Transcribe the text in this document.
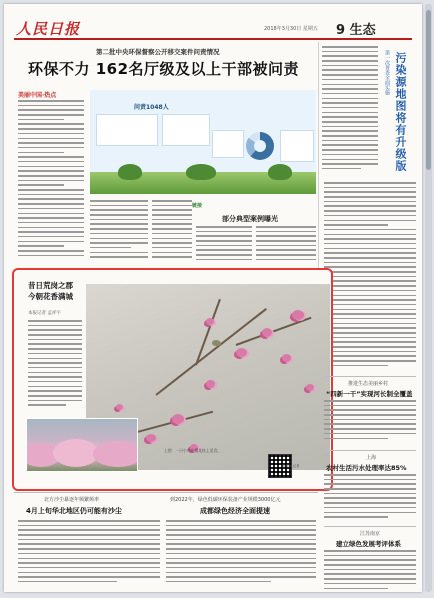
人民日报	2018年3月30日 星期五 9 生态
第二批中央环保督察公开移交案件问责情况
环保不力 162名厅级及以上干部被问责
美丽中国·热点
问责1048人
链接
部分典型案例曝光
第一次普查全面实施 污染源地图将有升级版
昔日荒岗之郡
今朝花香满城
本报记者 孟祥宇
上图：一只小鸟在樱花枝上觅食。
新华社记者
北方沙尘暴逐年频繁频率
4月上旬华北地区仍可能有沙尘
到2022年，绿色低碳环保装备产业规模3000亿元
成都绿色经济全面提速
推进生态美丽乡村
“四新一干”实现河长制全覆盖
上海
农村生活污水处理率达85%
江苏南京
建立绿色发展考评体系
